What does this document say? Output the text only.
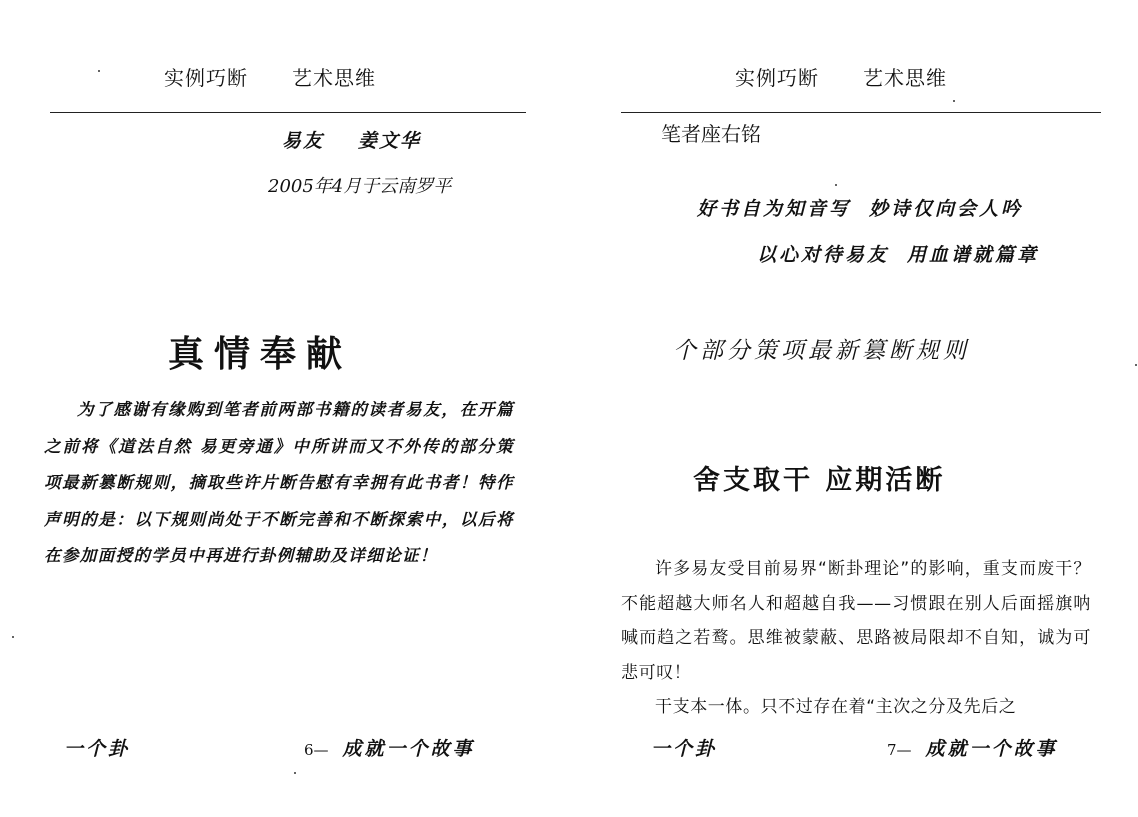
实例巧断 艺术思维
易友 姜文华
2005年4月于云南罗平
真情奉献
为了感谢有缘购到笔者前两部书籍的读者易友，在开篇之前将《道法自然 易更旁通》中所讲而又不外传的部分策项最新篡断规则，摘取些许片断告慰有幸拥有此书者！特作声明的是：以下规则尚处于不断完善和不断探索中，以后将在参加面授的学员中再进行卦例辅助及详细论证！
一个卦	6— 成就一个故事
实例巧断 艺术思维
笔者座右铭
好书自为知音写 妙诗仅向会人吟
以心对待易友 用血谱就篇章
个部分策项最新篡断规则
舍支取干 应期活断
许多易友受目前易界“断卦理论”的影响，重支而废干？不能超越大师名人和超越自我——习惯跟在别人后面摇旗呐喊而趋之若鹜。思维被蒙蔽、思路被局限却不自知，诚为可悲可叹！
干支本一体。只不过存在着“主次之分及先后之
一个卦	7— 成就一个故事
